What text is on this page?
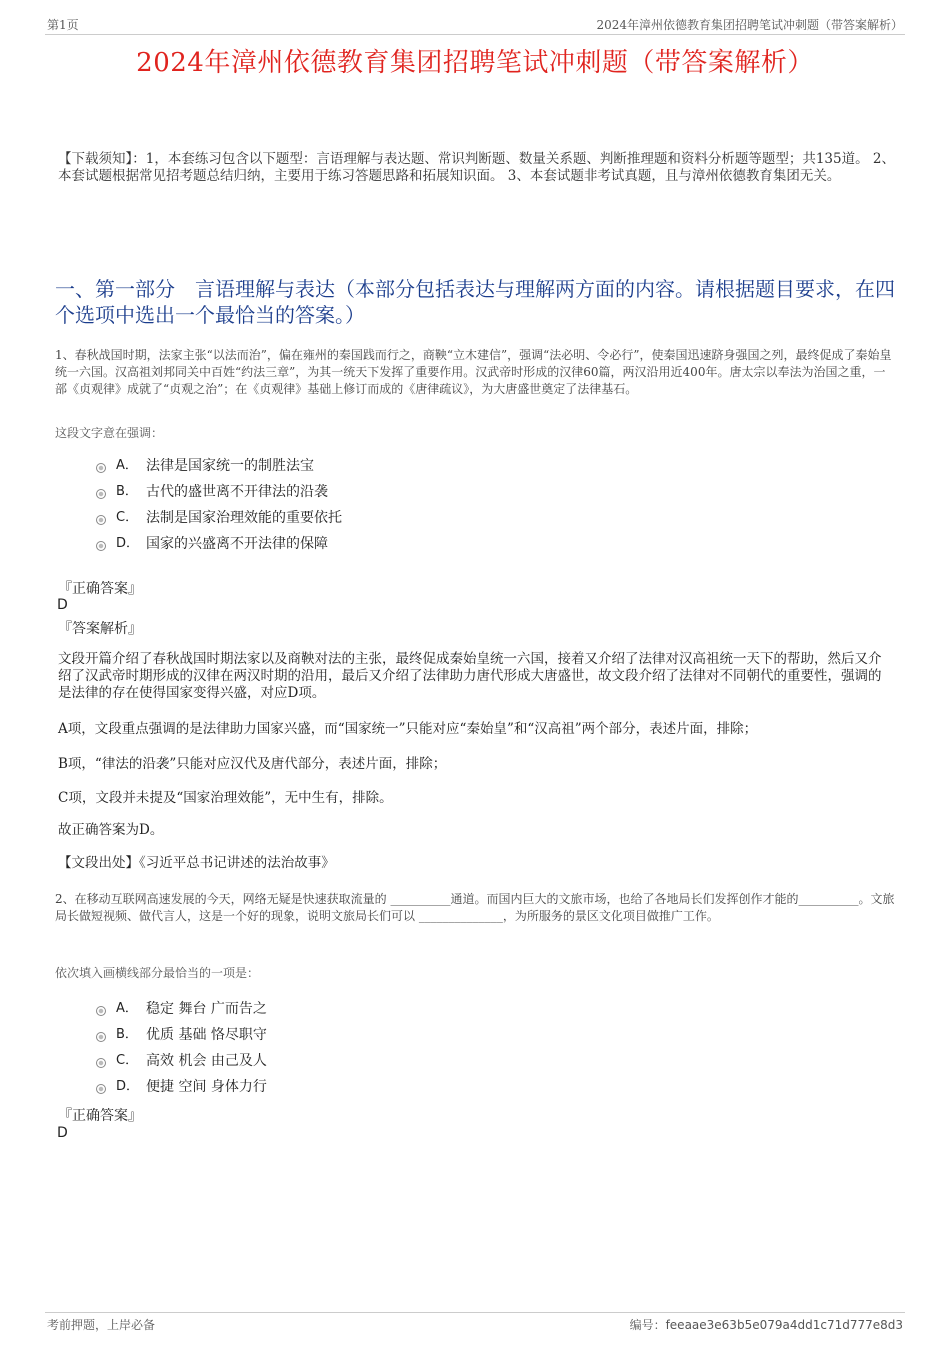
第1页	2024年漳州依德教育集团招聘笔试冲刺题（带答案解析）
2024年漳州依德教育集团招聘笔试冲刺题（带答案解析）

【下载须知】：1，本套练习包含以下题型：言语理解与表达题、常识判断题、数量关系题、判断推理题和资料分析题等题型；共135道。 2、本套试题根据常见招考题总结归纳，主要用于练习答题思路和拓展知识面。 3、本套试题非考试真题，且与漳州依德教育集团无关。

一、第一部分　言语理解与表达（本部分包括表达与理解两方面的内容。请根据题目要求，在四个选项中选出一个最恰当的答案。）

1、春秋战国时期，法家主张“以法而治”，偏在雍州的秦国践而行之，商鞅“立木建信”，强调“法必明、令必行”，使秦国迅速跻身强国之列，最终促成了秦始皇统一六国。汉高祖刘邦同关中百姓“约法三章”，为其一统天下发挥了重要作用。汉武帝时形成的汉律60篇，两汉沿用近400年。唐太宗以奉法为治国之重，一部《贞观律》成就了“贞观之治”；在《贞观律》基础上修订而成的《唐律疏议》，为大唐盛世奠定了法律基石。

这段文字意在强调：

A． 法律是国家统一的制胜法宝
B． 古代的盛世离不开律法的沿袭
C． 法制是国家治理效能的重要依托
D． 国家的兴盛离不开法律的保障

『正确答案』

D

『答案解析』

文段开篇介绍了春秋战国时期法家以及商鞅对法的主张，最终促成秦始皇统一六国，接着又介绍了法律对汉高祖统一天下的帮助，然后又介绍了汉武帝时期形成的汉律在两汉时期的沿用，最后又介绍了法律助力唐代形成大唐盛世，故文段介绍了法律对不同朝代的重要性，强调的是法律的存在使得国家变得兴盛，对应D项。

A项，文段重点强调的是法律助力国家兴盛，而“国家统一”只能对应“秦始皇”和“汉高祖”两个部分，表述片面，排除；

B项，“律法的沿袭”只能对应汉代及唐代部分，表述片面，排除；

C项，文段并未提及“国家治理效能”，无中生有，排除。

故正确答案为D。

【文段出处】《习近平总书记讲述的法治故事》

2、在移动互联网高速发展的今天，网络无疑是快速获取流量的 __________通道。而国内巨大的文旅市场，也给了各地局长们发挥创作才能的__________。文旅局长做短视频、做代言人，这是一个好的现象，说明文旅局长们可以 ______________，为所服务的景区文化项目做推广工作。

依次填入画横线部分最恰当的一项是：

A． 稳定 舞台 广而告之
B． 优质 基础 恪尽职守
C． 高效 机会 由己及人
D． 便捷 空间 身体力行

『正确答案』

D

考前押题，上岸必备	编号：feeaae3e63b5e079a4dd1c71d777e8d3
